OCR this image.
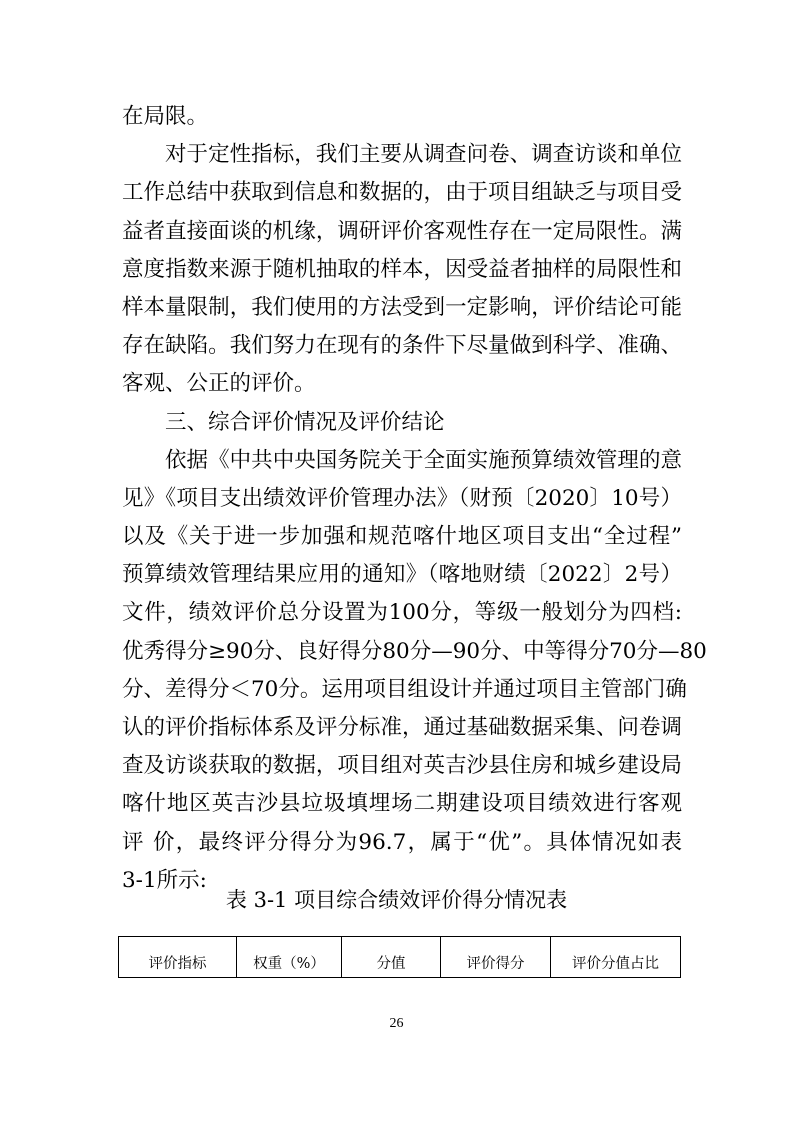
在局限。
对于定性指标，我们主要从调查问卷、调查访谈和单位
工作总结中获取到信息和数据的，由于项目组缺乏与项目受
益者直接面谈的机缘，调研评价客观性存在一定局限性。满
意度指数来源于随机抽取的样本，因受益者抽样的局限性和
样本量限制，我们使用的方法受到一定影响，评价结论可能
存在缺陷。我们努力在现有的条件下尽量做到科学、准确、
客观、公正的评价。
三、综合评价情况及评价结论
依据《中共中央国务院关于全面实施预算绩效管理的意
见》《项目支出绩效评价管理办法》（财预〔2020〕10号）
以及《关于进一步加强和规范喀什地区项目支出“全过程”
预算绩效管理结果应用的通知》（喀地财绩〔2022〕2号）
文件，绩效评价总分设置为100分，等级一般划分为四档:
优秀得分≥90分、良好得分80分—90分、中等得分70分—80
分、差得分＜70分。运用项目组设计并通过项目主管部门确
认的评价指标体系及评分标准，通过基础数据采集、问卷调
查及访谈获取的数据，项目组对英吉沙县住房和城乡建设局
喀什地区英吉沙县垃圾填埋场二期建设项目绩效进行客观
评 价，最终评分得分为96.7，属于“优”。具体情况如表
3-1所示:
表 3-1 项目综合绩效评价得分情况表
评价指标	权重（%）	分值	评价得分	评价分值占比
26
